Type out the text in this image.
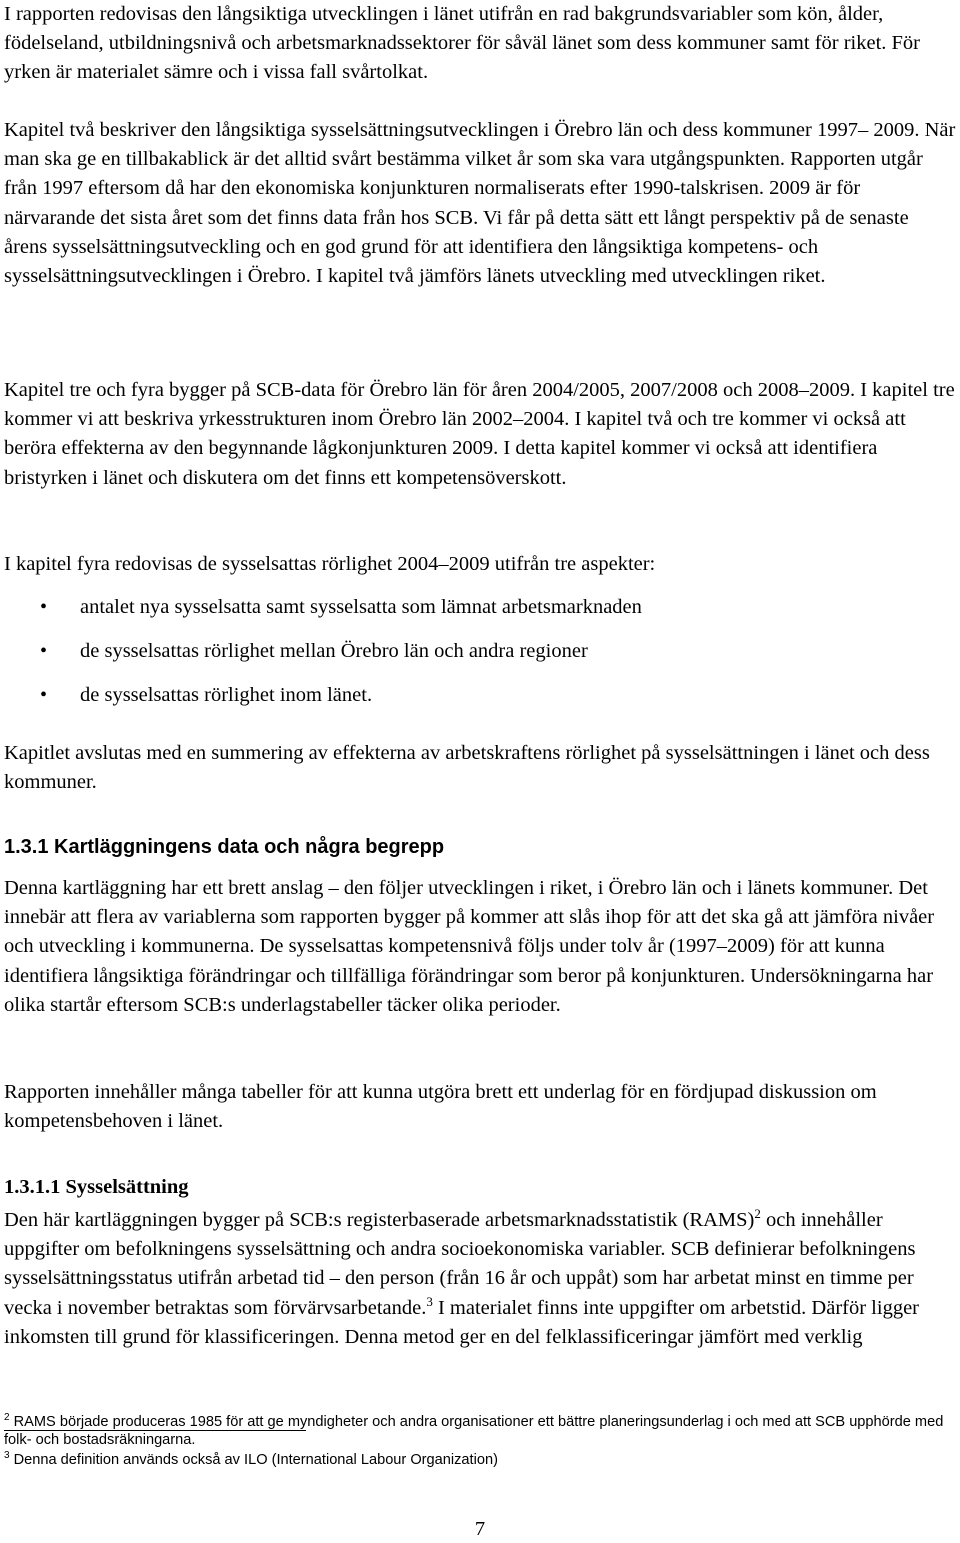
I rapporten redovisas den långsiktiga utvecklingen i länet utifrån en rad bakgrundsvariabler som kön, ålder, födelseland, utbildningsnivå och arbetsmarknadssektorer för såväl länet som dess kommuner samt för riket. För yrken är materialet sämre och i vissa fall svårtolkat.

Kapitel två beskriver den långsiktiga sysselsättningsutvecklingen i Örebro län och dess kommuner 1997– 2009. När man ska ge en tillbakablick är det alltid svårt bestämma vilket år som ska vara utgångspunkten. Rapporten utgår från 1997 eftersom då har den ekonomiska konjunkturen normaliserats efter 1990-talskrisen. 2009 är för närvarande det sista året som det finns data från hos SCB. Vi får på detta sätt ett långt perspektiv på de senaste årens sysselsättningsutveckling och en god grund för att identifiera den långsiktiga kompetens- och sysselsättningsutvecklingen i Örebro. I kapitel två jämförs länets utveckling med utvecklingen riket.

Kapitel tre och fyra bygger på SCB-data för Örebro län för åren 2004/2005, 2007/2008 och 2008–2009. I kapitel tre kommer vi att beskriva yrkesstrukturen inom Örebro län 2002–2004. I kapitel två och tre kommer vi också att beröra effekterna av den begynnande lågkonjunkturen 2009. I detta kapitel kommer vi också att identifiera bristyrken i länet och diskutera om det finns ett kompetensöverskott.

I kapitel fyra redovisas de sysselsattas rörlighet 2004–2009 utifrån tre aspekter:

• antalet nya sysselsatta samt sysselsatta som lämnat arbetsmarknaden
• de sysselsattas rörlighet mellan Örebro län och andra regioner
• de sysselsattas rörlighet inom länet.

Kapitlet avslutas med en summering av effekterna av arbetskraftens rörlighet på sysselsättningen i länet och dess kommuner.

1.3.1 Kartläggningens data och några begrepp

Denna kartläggning har ett brett anslag – den följer utvecklingen i riket, i Örebro län och i länets kommuner. Det innebär att flera av variablerna som rapporten bygger på kommer att slås ihop för att det ska gå att jämföra nivåer och utveckling i kommunerna. De sysselsattas kompetensnivå följs under tolv år (1997–2009) för att kunna identifiera långsiktiga förändringar och tillfälliga förändringar som beror på konjunkturen. Undersökningarna har olika startår eftersom SCB:s underlagstabeller täcker olika perioder.

Rapporten innehåller många tabeller för att kunna utgöra brett ett underlag för en fördjupad diskussion om kompetensbehoven i länet.

1.3.1.1 Sysselsättning

Den här kartläggningen bygger på SCB:s registerbaserade arbetsmarknadsstatistik (RAMS)$^2$ och innehåller uppgifter om befolkningens sysselsättning och andra socioekonomiska variabler. SCB definierar befolkningens sysselsättningsstatus utifrån arbetad tid – den person (från 16 år och uppåt) som har arbetat minst en timme per vecka i november betraktas som förvärvsarbetande.$^3$ I materialet finns inte uppgifter om arbetstid. Därför ligger inkomsten till grund för klassificeringen. Denna metod ger en del felklassificeringar jämfört med verklig

$^2$ RAMS började produceras 1985 för att ge myndigheter och andra organisationer ett bättre planeringsunderlag i och med att SCB upphörde med folk- och bostadsräkningarna.
$^3$ Denna definition används också av ILO (International Labour Organization)
7
